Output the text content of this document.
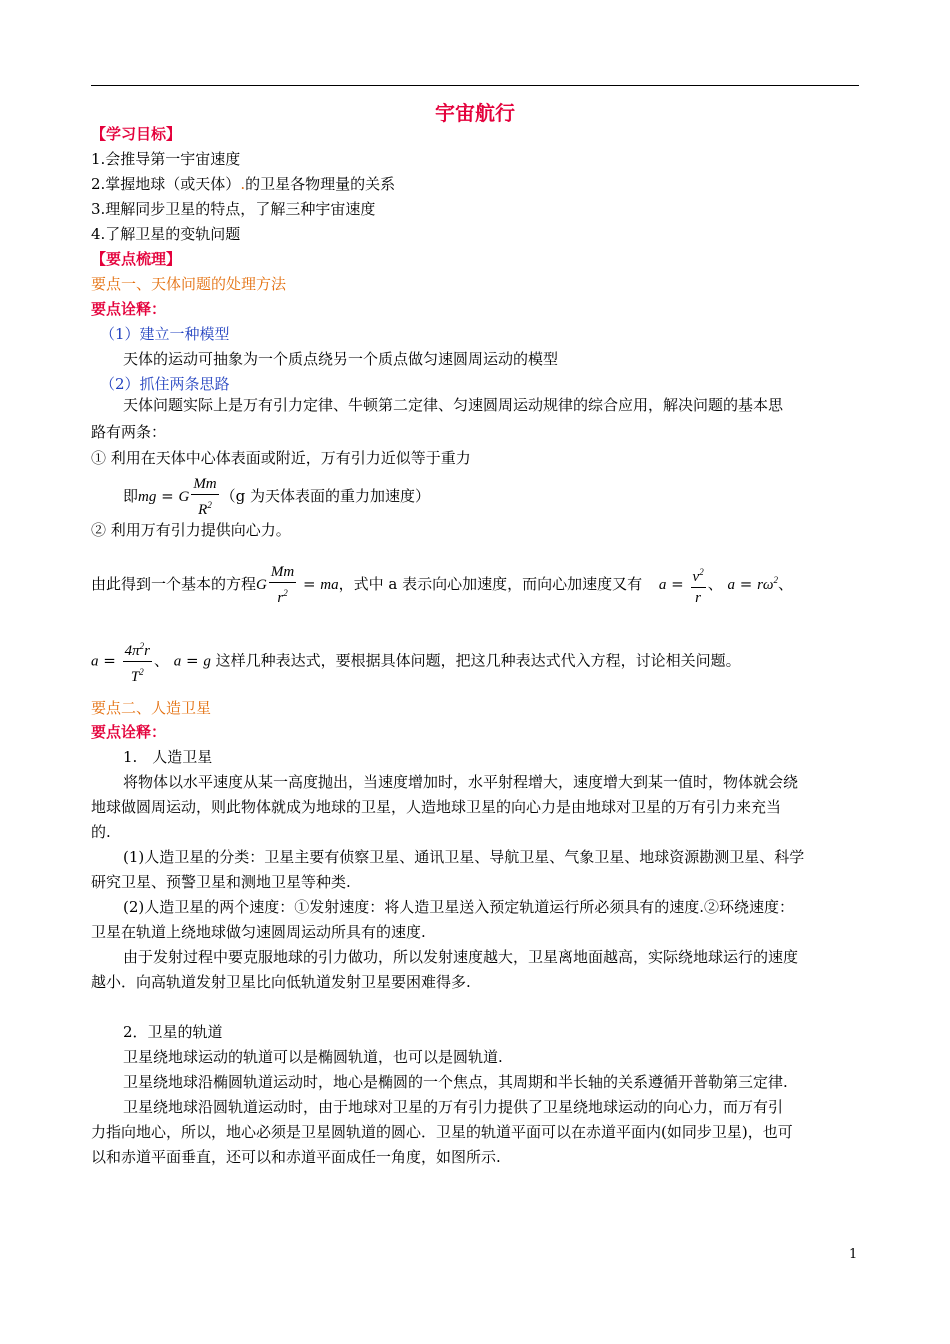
宇宙航行
【学习目标】
1.会推导第一宇宙速度
2.掌握地球（或天体）.的卫星各物理量的关系
3.理解同步卫星的特点，了解三种宇宙速度
4.了解卫星的变轨问题
【要点梳理】
要点一、天体问题的处理方法
要点诠释：
（1）建立一种模型
天体的运动可抽象为一个质点绕另一个质点做匀速圆周运动的模型
（2）抓住两条思路
天体问题实际上是万有引力定律、牛顿第二定律、匀速圆周运动规律的综合应用，解决问题的基本思
路有两条：
① 利用在天体中心体表面或附近，万有引力近似等于重力
即mg = G $\frac{Mm}{R^2} (g$ 为天体表面的重力加速度）
② 利用万有引力提供向心力。
由此得到一个基本的方程G $\frac{Mm}{r^2}$ = ma，式中 a 表示向心加速度，而向心加速度又有 $a = \frac{v^2}{r}$ 、 $a = r\omega^2$、
$a = \frac{4\pi^2r}{T^2}$ 、 a = g 这样几种表达式，要根据具体问题，把这几种表达式代入方程，讨论相关问题。
要点二、人造卫星
要点诠释：
1.　人造卫星
将物体以水平速度从某一高度抛出，当速度增加时，水平射程增大，速度增大到某一值时，物体就会绕
地球做圆周运动，则此物体就成为地球的卫星，人造地球卫星的向心力是由地球对卫星的万有引力来充当
的.
(1)人造卫星的分类：卫星主要有侦察卫星、通讯卫星、导航卫星、气象卫星、地球资源勘测卫星、科学
研究卫星、预警卫星和测地卫星等种类.
(2)人造卫星的两个速度：①发射速度：将人造卫星送入预定轨道运行所必须具有的速度.②环绕速度：
卫星在轨道上绕地球做匀速圆周运动所具有的速度.
由于发射过程中要克服地球的引力做功，所以发射速度越大，卫星离地面越高，实际绕地球运行的速度
越小．向高轨道发射卫星比向低轨道发射卫星要困难得多.
2．卫星的轨道
卫星绕地球运动的轨道可以是椭圆轨道，也可以是圆轨道.
卫星绕地球沿椭圆轨道运动时，地心是椭圆的一个焦点，其周期和半长轴的关系遵循开普勒第三定律.
卫星绕地球沿圆轨道运动时，由于地球对卫星的万有引力提供了卫星绕地球运动的向心力，而万有引
力指向地心，所以，地心必须是卫星圆轨道的圆心．卫星的轨道平面可以在赤道平面内(如同步卫星)，也可
以和赤道平面垂直，还可以和赤道平面成任一角度，如图所示.
1
